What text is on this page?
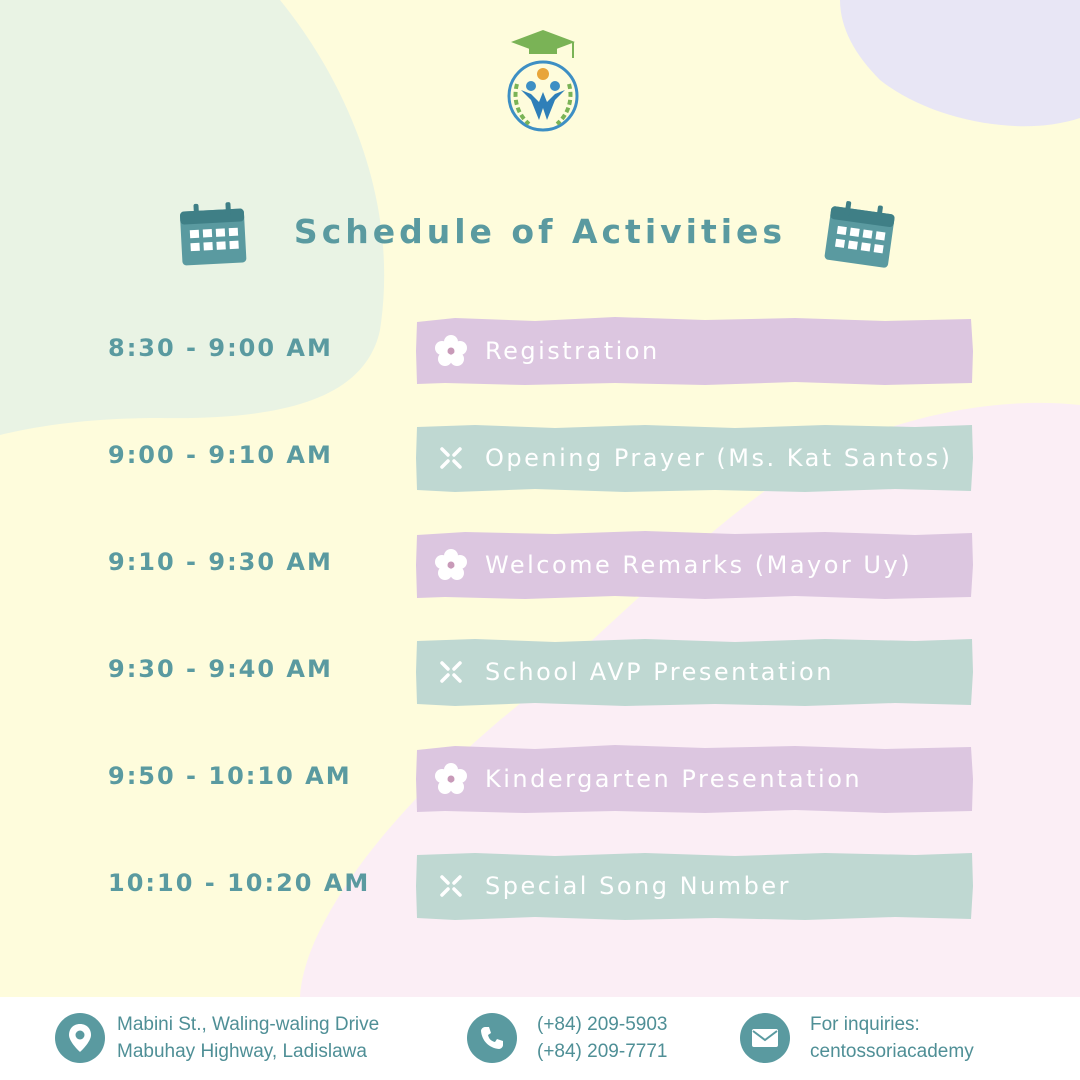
Schedule of Activities
8:30 - 9:00 AM	Registration
9:00 - 9:10 AM	Opening Prayer (Ms. Kat Santos)
9:10 - 9:30 AM	Welcome Remarks (Mayor Uy)
9:30 - 9:40 AM	School AVP Presentation
9:50 - 10:10 AM	Kindergarten Presentation
10:10 - 10:20 AM	Special Song Number
Mabini St., Waling-waling Drive
Mabuhay Highway, Ladislawa
(+84) 209-5903
(+84) 209-7771
For inquiries:
centossoriacademy
